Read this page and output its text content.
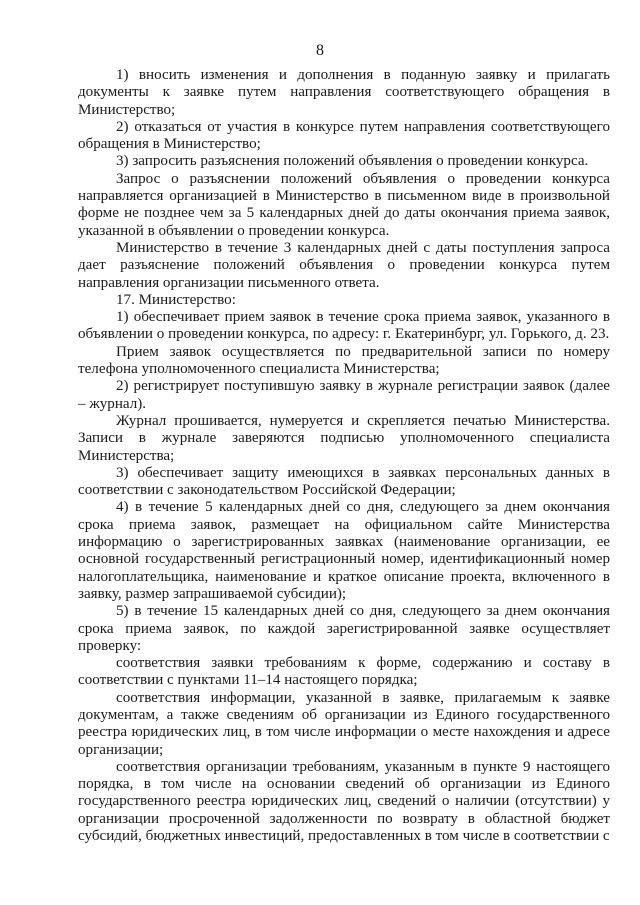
8

1) вносить изменения и дополнения в поданную заявку и прилагать документы к заявке путем направления соответствующего обращения в Министерство;

2) отказаться от участия в конкурсе путем направления соответствующего обращения в Министерство;

3) запросить разъяснения положений объявления о проведении конкурса.

Запрос о разъяснении положений объявления о проведении конкурса направляется организацией в Министерство в письменном виде в произвольной форме не позднее чем за 5 календарных дней до даты окончания приема заявок, указанной в объявлении о проведении конкурса.

Министерство в течение 3 календарных дней с даты поступления запроса дает разъяснение положений объявления о проведении конкурса путем направления организации письменного ответа.

17. Министерство:

1) обеспечивает прием заявок в течение срока приема заявок, указанного в объявлении о проведении конкурса, по адресу: г. Екатеринбург, ул. Горького, д. 23.

Прием заявок осуществляется по предварительной записи по номеру телефона уполномоченного специалиста Министерства;

2) регистрирует поступившую заявку в журнале регистрации заявок (далее – журнал).

Журнал прошивается, нумеруется и скрепляется печатью Министерства. Записи в журнале заверяются подписью уполномоченного специалиста Министерства;

3) обеспечивает защиту имеющихся в заявках персональных данных в соответствии с законодательством Российской Федерации;

4) в течение 5 календарных дней со дня, следующего за днем окончания срока приема заявок, размещает на официальном сайте Министерства информацию о зарегистрированных заявках (наименование организации, ее основной государственный регистрационный номер, идентификационный номер налогоплательщика, наименование и краткое описание проекта, включенного в заявку, размер запрашиваемой субсидии);

5) в течение 15 календарных дней со дня, следующего за днем окончания срока приема заявок, по каждой зарегистрированной заявке осуществляет проверку:

соответствия заявки требованиям к форме, содержанию и составу в соответствии с пунктами 11–14 настоящего порядка;

соответствия информации, указанной в заявке, прилагаемым к заявке документам, а также сведениям об организации из Единого государственного реестра юридических лиц, в том числе информации о месте нахождения и адресе организации;

соответствия организации требованиям, указанным в пункте 9 настоящего порядка, в том числе на основании сведений об организации из Единого государственного реестра юридических лиц, сведений о наличии (отсутствии) у организации просроченной задолженности по возврату в областной бюджет субсидий, бюджетных инвестиций, предоставленных в том числе в соответствии с
